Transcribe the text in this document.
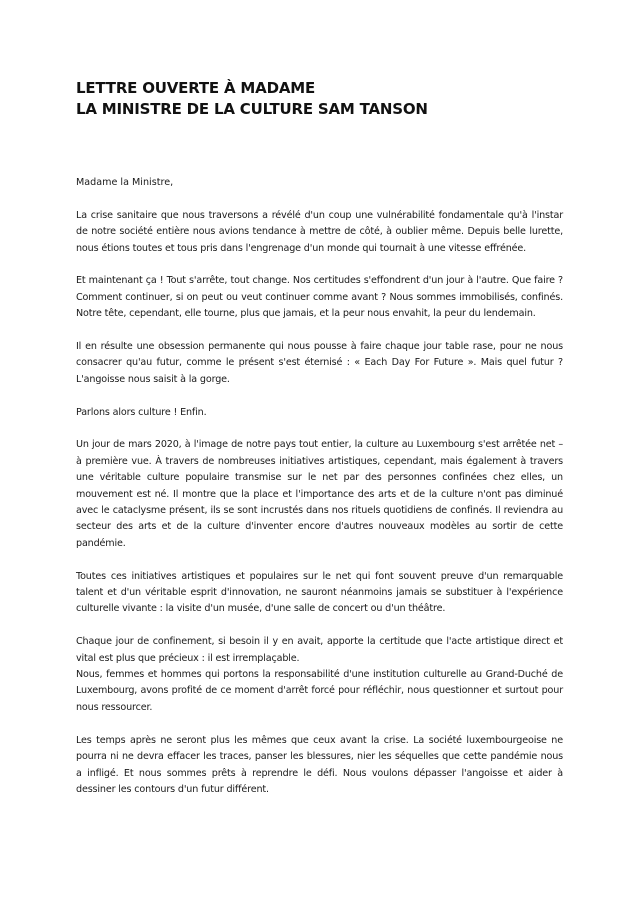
LETTRE OUVERTE À MADAME
LA MINISTRE DE LA CULTURE SAM TANSON

Madame la Ministre,

La crise sanitaire que nous traversons a révélé d'un coup une vulnérabilité fondamentale qu'à l'instar de notre société entière nous avions tendance à mettre de côté, à oublier même. Depuis belle lurette, nous étions toutes et tous pris dans l'engrenage d'un monde qui tournait à une vitesse effrénée.

Et maintenant ça ! Tout s'arrête, tout change. Nos certitudes s'effondrent d'un jour à l'autre. Que faire ? Comment continuer, si on peut ou veut continuer comme avant ? Nous sommes immobilisés, confinés. Notre tête, cependant, elle tourne, plus que jamais, et la peur nous envahit, la peur du lendemain.

Il en résulte une obsession permanente qui nous pousse à faire chaque jour table rase, pour ne nous consacrer qu'au futur, comme le présent s'est éternisé : « Each Day For Future ». Mais quel futur ? L'angoisse nous saisit à la gorge.

Parlons alors culture ! Enfin.

Un jour de mars 2020, à l'image de notre pays tout entier, la culture au Luxembourg s'est arrêtée net – à première vue. À travers de nombreuses initiatives artistiques, cependant, mais également à travers une véritable culture populaire transmise sur le net par des personnes confinées chez elles, un mouvement est né. Il montre que la place et l'importance des arts et de la culture n'ont pas diminué avec le cataclysme présent, ils se sont incrustés dans nos rituels quotidiens de confinés. Il reviendra au secteur des arts et de la culture d'inventer encore d'autres nouveaux modèles au sortir de cette pandémie.

Toutes ces initiatives artistiques et populaires sur le net qui font souvent preuve d'un remarquable talent et d'un véritable esprit d'innovation, ne sauront néanmoins jamais se substituer à l'expérience culturelle vivante : la visite d'un musée, d'une salle de concert ou d'un théâtre.

Chaque jour de confinement, si besoin il y en avait, apporte la certitude que l'acte artistique direct et vital est plus que précieux : il est irremplaçable.

Nous, femmes et hommes qui portons la responsabilité d'une institution culturelle au Grand-Duché de Luxembourg, avons profité de ce moment d'arrêt forcé pour réfléchir, nous questionner et surtout pour nous ressourcer.

Les temps après ne seront plus les mêmes que ceux avant la crise. La société luxembourgeoise ne pourra ni ne devra effacer les traces, panser les blessures, nier les séquelles que cette pandémie nous a infligé. Et nous sommes prêts à reprendre le défi. Nous voulons dépasser l'angoisse et aider à dessiner les contours d'un futur différent.
